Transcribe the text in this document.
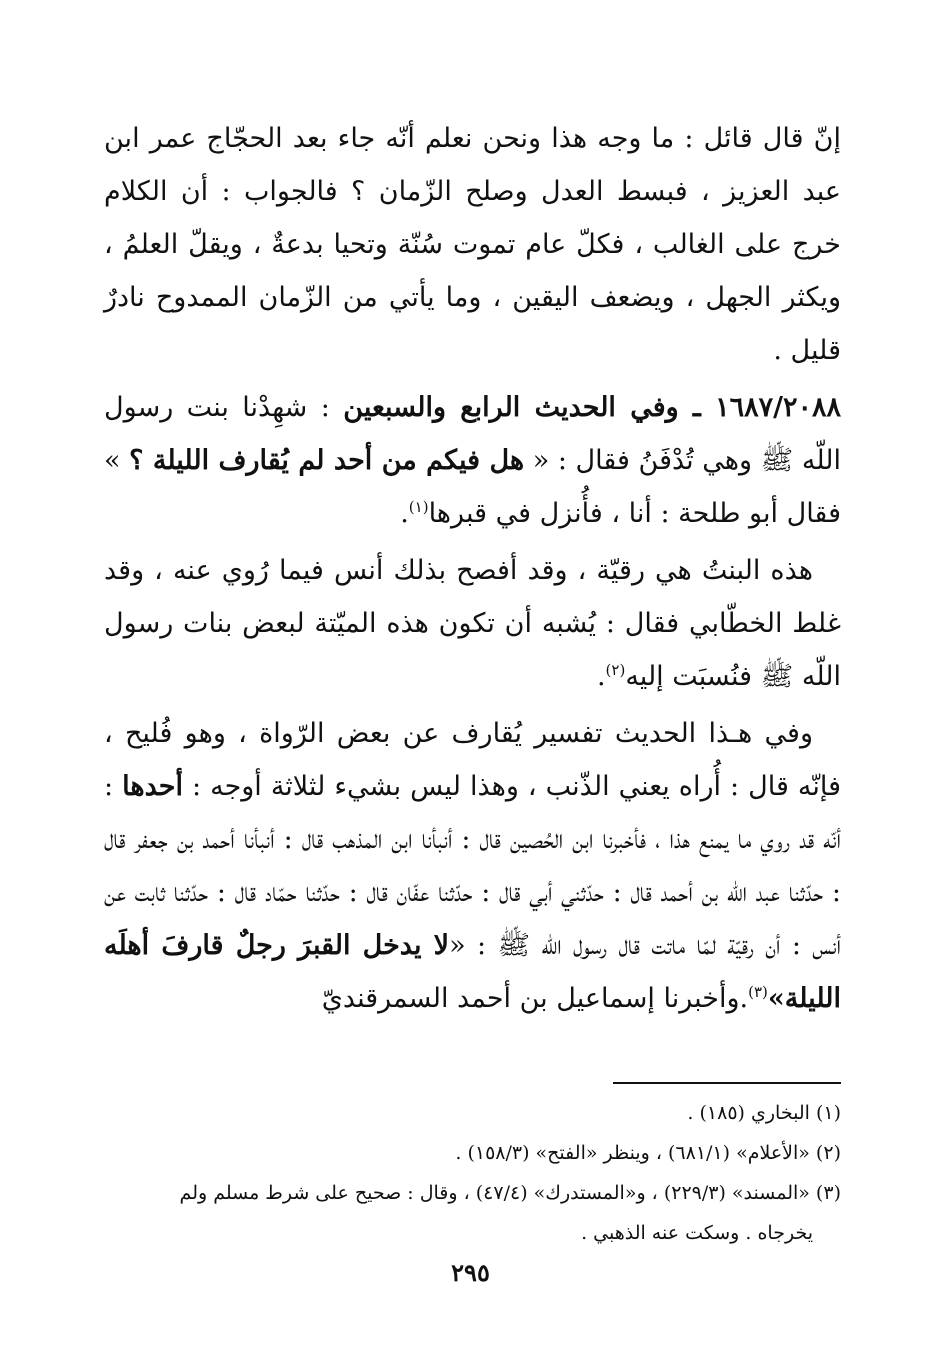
إنّ قال قائل : ما وجه هذا ونحن نعلم أنّه جاء بعد الحجّاج عمر ابن عبد العزيز ، فبسط العدل وصلح الزّمان ؟ فالجواب : أن الكلام خرج على الغالب ، فكلّ عام تموت سُنّة وتحيا بدعةٌ ، ويقلّ العلمُ ، ويكثر الجهل ، ويضعف اليقين ، وما يأتي من الزّمان الممدوح نادرٌ قليل .

١٦٨٧/٢٠٨٨ ـ وفي الحديث الرابع والسبعين : شهِدْنا بنت رسول اللّه ﷺ وهي تُدْفَنُ فقال : « هل فيكم من أحد لم يُقارف الليلة ؟ » فقال أبو طلحة : أنا ، فأُنزل في قبرها$^{(١)}$.

هذه البنتُ هي رقيّة ، وقد أفصح بذلك أنس فيما رُوي عنه ، وقد غلط الخطّابي فقال : يُشبه أن تكون هذه الميّتة لبعض بنات رسول اللّه ﷺ فنُسبَت إليه$^{(٢)}$.

وفي هـذا الحديث تفسير يُقارف عن بعض الرّواة ، وهو فُليح ، فإنّه قال : أُراه يعني الذّنب ، وهذا ليس بشيء لثلاثة أوجه : أحدها : أنّه قد روي ما يمنع هذا ، فأخبرنا ابن الحُصين قال : أنبأنا ابن المذهب قال : أنبأنا أحمد بن جعفر قال : حدّثنا عبد اللّه بن أحمد قال : حدّثني أبي قال : حدّثنا عفّان قال : حدّثنا حمّاد قال : حدّثنا ثابت عن أنس : أن رقيّة لمّا ماتت قال رسول اللّه ﷺ : «لا يدخل القبرَ رجلٌ قارفَ أهلَه الليلة»$^{(٣)}$.وأخبرنا إسماعيل بن أحمد السمرقنديّ

(١) البخاري (١٨٥) .

(٢) «الأعلام» (٦٨١/١) ، وينظر «الفتح» (١٥٨/٣) .

(٣) «المسند» (٢٢٩/٣) ، و«المستدرك» (٤٧/٤) ، وقال : صحيح على شرط مسلم ولم

يخرجاه . وسكت عنه الذهبي .

٢٩٥
